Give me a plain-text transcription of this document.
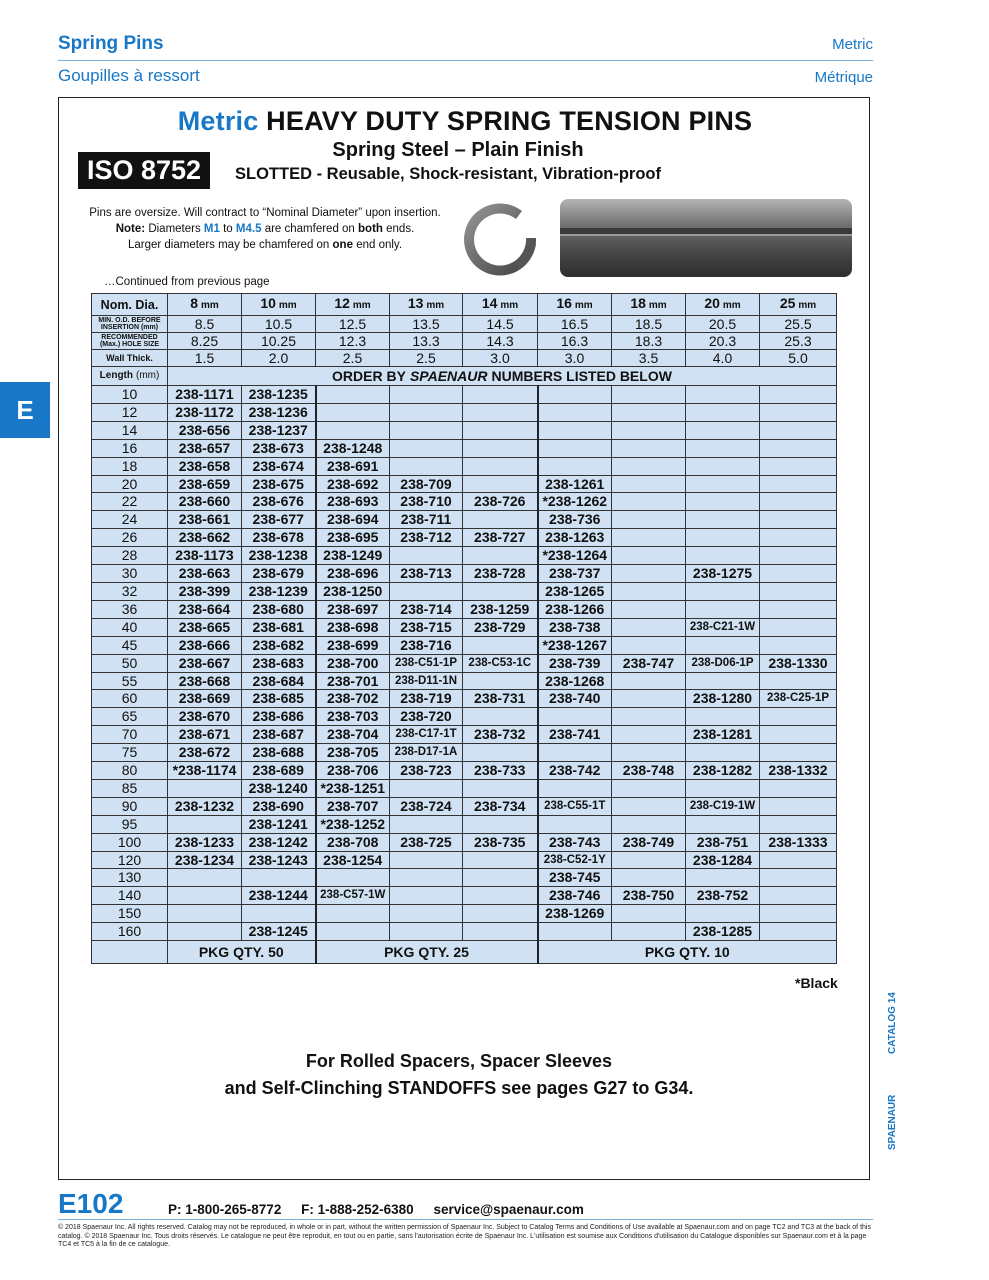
Spring Pins	Metric
Goupilles à ressort	Métrique
E
Metric HEAVY DUTY SPRING TENSION PINS
Spring Steel – Plain Finish
ISO 8752	SLOTTED - Reusable, Shock-resistant, Vibration-proof
Pins are oversize. Will contract to “Nominal Diameter” upon insertion.
Note: Diameters M1 to M4.5 are chamfered on both ends.
Larger diameters may be chamfered on one end only.
…Continued from previous page
Nom. Dia.	8 mm	10 mm	12 mm	13 mm	14 mm	16 mm	18 mm	20 mm	25 mm
MIN. O.D. BEFORE INSERTION (mm)	8.5	10.5	12.5	13.5	14.5	16.5	18.5	20.5	25.5
RECOMMENDED (Max.) HOLE SIZE	8.25	10.25	12.3	13.3	14.3	16.3	18.3	20.3	25.3
Wall Thick.	1.5	2.0	2.5	2.5	3.0	3.0	3.5	4.0	5.0
Length (mm)	ORDER BY SPAENAUR NUMBERS LISTED BELOW								
10	238-1171	238-1235							
12	238-1172	238-1236							
14	238-656	238-1237							
16	238-657	238-673	238-1248						
18	238-658	238-674	238-691						
20	238-659	238-675	238-692	238-709		238-1261			
22	238-660	238-676	238-693	238-710	238-726	*238-1262			
24	238-661	238-677	238-694	238-711		238-736			
26	238-662	238-678	238-695	238-712	238-727	238-1263			
28	238-1173	238-1238	238-1249			*238-1264			
30	238-663	238-679	238-696	238-713	238-728	238-737		238-1275	
32	238-399	238-1239	238-1250			238-1265			
36	238-664	238-680	238-697	238-714	238-1259	238-1266			
40	238-665	238-681	238-698	238-715	238-729	238-738		238-C21-1W	
45	238-666	238-682	238-699	238-716		*238-1267			
50	238-667	238-683	238-700	238-C51-1P	238-C53-1C	238-739	238-747	238-D06-1P	238-1330
55	238-668	238-684	238-701	238-D11-1N		238-1268			
60	238-669	238-685	238-702	238-719	238-731	238-740		238-1280	238-C25-1P
65	238-670	238-686	238-703	238-720					
70	238-671	238-687	238-704	238-C17-1T	238-732	238-741		238-1281	
75	238-672	238-688	238-705	238-D17-1A					
80	*238-1174	238-689	238-706	238-723	238-733	238-742	238-748	238-1282	238-1332
85		238-1240	*238-1251						
90	238-1232	238-690	238-707	238-724	238-734	238-C55-1T		238-C19-1W	
95		238-1241	*238-1252						
100	238-1233	238-1242	238-708	238-725	238-735	238-743	238-749	238-751	238-1333
120	238-1234	238-1243	238-1254			238-C52-1Y		238-1284	
130						238-745			
140		238-1244	238-C57-1W			238-746	238-750	238-752	
150						238-1269			
160		238-1245						238-1285	
	PKG QTY. 50		PKG QTY. 25			PKG QTY. 10			
*Black
For Rolled Spacers, Spacer Sleeves
and Self-Clinching STANDOFFS see pages G27 to G34.
CATALOG 14
SPAENAUR
E102	P: 1-800-265-8772 F: 1-888-252-6380 service@spaenaur.com
© 2018 Spaenaur Inc. All rights reserved. Catalog may not be reproduced, in whole or in part, without the written permission of Spaenaur Inc. Subject to Catalog Terms and Conditions of Use available at Spaenaur.com and on page TC2 and TC3 at the back of this catalog. © 2018 Spaenaur Inc. Tous droits réservés. Le catalogue ne peut être reproduit, en tout ou en partie, sans l'autorisation écrite de Spaenaur Inc. L'utilisation est soumise aux Conditions d'utilisation du Catalogue disponibles sur Spaenaur.com et à la page TC4 et TC5 à la fin de ce catalogue.
